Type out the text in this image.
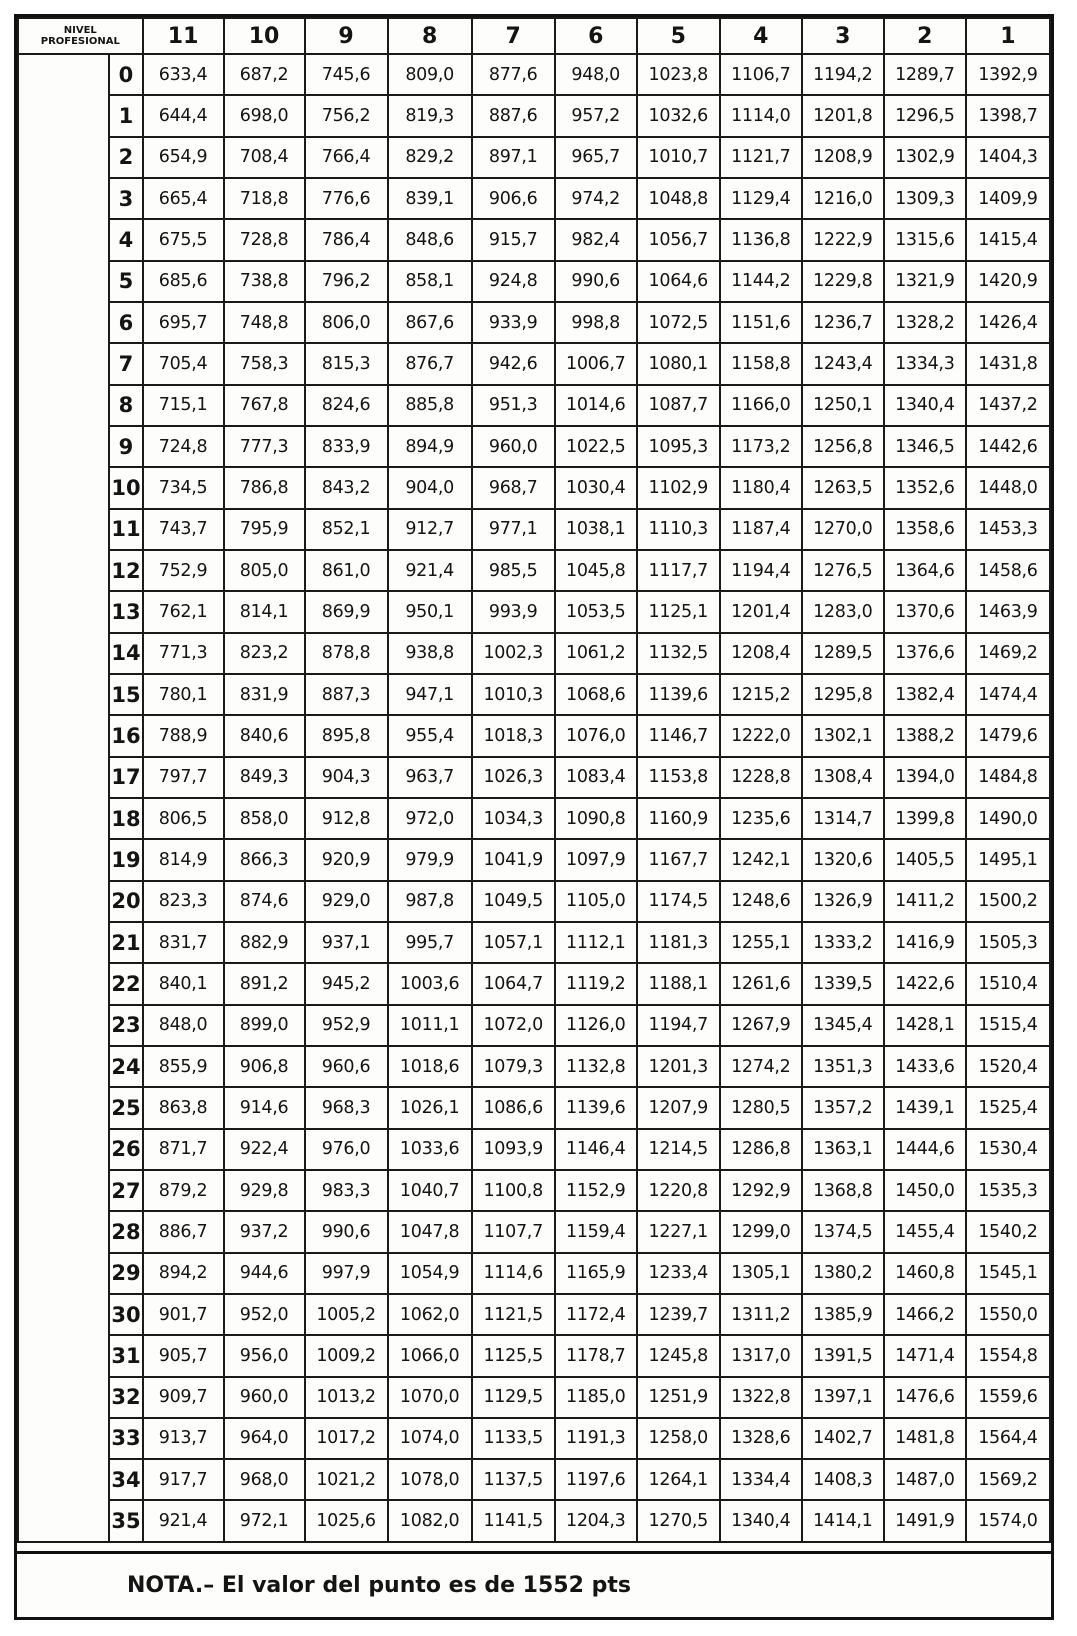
NIVEL
PROFESIONAL		11	10	9	8	7	6	5	4	3	2	1
	0	633,4	687,2	745,6	809,0	877,6	948,0	1023,8	1106,7	1194,2	1289,7	1392,9
	1	644,4	698,0	756,2	819,3	887,6	957,2	1032,6	1114,0	1201,8	1296,5	1398,7
	2	654,9	708,4	766,4	829,2	897,1	965,7	1010,7	1121,7	1208,9	1302,9	1404,3
	3	665,4	718,8	776,6	839,1	906,6	974,2	1048,8	1129,4	1216,0	1309,3	1409,9
	4	675,5	728,8	786,4	848,6	915,7	982,4	1056,7	1136,8	1222,9	1315,6	1415,4
	5	685,6	738,8	796,2	858,1	924,8	990,6	1064,6	1144,2	1229,8	1321,9	1420,9
	6	695,7	748,8	806,0	867,6	933,9	998,8	1072,5	1151,6	1236,7	1328,2	1426,4
	7	705,4	758,3	815,3	876,7	942,6	1006,7	1080,1	1158,8	1243,4	1334,3	1431,8
	8	715,1	767,8	824,6	885,8	951,3	1014,6	1087,7	1166,0	1250,1	1340,4	1437,2
	9	724,8	777,3	833,9	894,9	960,0	1022,5	1095,3	1173,2	1256,8	1346,5	1442,6
	10	734,5	786,8	843,2	904,0	968,7	1030,4	1102,9	1180,4	1263,5	1352,6	1448,0
	11	743,7	795,9	852,1	912,7	977,1	1038,1	1110,3	1187,4	1270,0	1358,6	1453,3
	12	752,9	805,0	861,0	921,4	985,5	1045,8	1117,7	1194,4	1276,5	1364,6	1458,6
	13	762,1	814,1	869,9	950,1	993,9	1053,5	1125,1	1201,4	1283,0	1370,6	1463,9
	14	771,3	823,2	878,8	938,8	1002,3	1061,2	1132,5	1208,4	1289,5	1376,6	1469,2
	15	780,1	831,9	887,3	947,1	1010,3	1068,6	1139,6	1215,2	1295,8	1382,4	1474,4
	16	788,9	840,6	895,8	955,4	1018,3	1076,0	1146,7	1222,0	1302,1	1388,2	1479,6
	17	797,7	849,3	904,3	963,7	1026,3	1083,4	1153,8	1228,8	1308,4	1394,0	1484,8
	18	806,5	858,0	912,8	972,0	1034,3	1090,8	1160,9	1235,6	1314,7	1399,8	1490,0
	19	814,9	866,3	920,9	979,9	1041,9	1097,9	1167,7	1242,1	1320,6	1405,5	1495,1
	20	823,3	874,6	929,0	987,8	1049,5	1105,0	1174,5	1248,6	1326,9	1411,2	1500,2
	21	831,7	882,9	937,1	995,7	1057,1	1112,1	1181,3	1255,1	1333,2	1416,9	1505,3
	22	840,1	891,2	945,2	1003,6	1064,7	1119,2	1188,1	1261,6	1339,5	1422,6	1510,4
	23	848,0	899,0	952,9	1011,1	1072,0	1126,0	1194,7	1267,9	1345,4	1428,1	1515,4
	24	855,9	906,8	960,6	1018,6	1079,3	1132,8	1201,3	1274,2	1351,3	1433,6	1520,4
	25	863,8	914,6	968,3	1026,1	1086,6	1139,6	1207,9	1280,5	1357,2	1439,1	1525,4
	26	871,7	922,4	976,0	1033,6	1093,9	1146,4	1214,5	1286,8	1363,1	1444,6	1530,4
	27	879,2	929,8	983,3	1040,7	1100,8	1152,9	1220,8	1292,9	1368,8	1450,0	1535,3
	28	886,7	937,2	990,6	1047,8	1107,7	1159,4	1227,1	1299,0	1374,5	1455,4	1540,2
	29	894,2	944,6	997,9	1054,9	1114,6	1165,9	1233,4	1305,1	1380,2	1460,8	1545,1
	30	901,7	952,0	1005,2	1062,0	1121,5	1172,4	1239,7	1311,2	1385,9	1466,2	1550,0
	31	905,7	956,0	1009,2	1066,0	1125,5	1178,7	1245,8	1317,0	1391,5	1471,4	1554,8
	32	909,7	960,0	1013,2	1070,0	1129,5	1185,0	1251,9	1322,8	1397,1	1476,6	1559,6
	33	913,7	964,0	1017,2	1074,0	1133,5	1191,3	1258,0	1328,6	1402,7	1481,8	1564,4
	34	917,7	968,0	1021,2	1078,0	1137,5	1197,6	1264,1	1334,4	1408,3	1487,0	1569,2
	35	921,4	972,1	1025,6	1082,0	1141,5	1204,3	1270,5	1340,4	1414,1	1491,9	1574,0
NOTA.– El valor del punto es de 1552 pts
